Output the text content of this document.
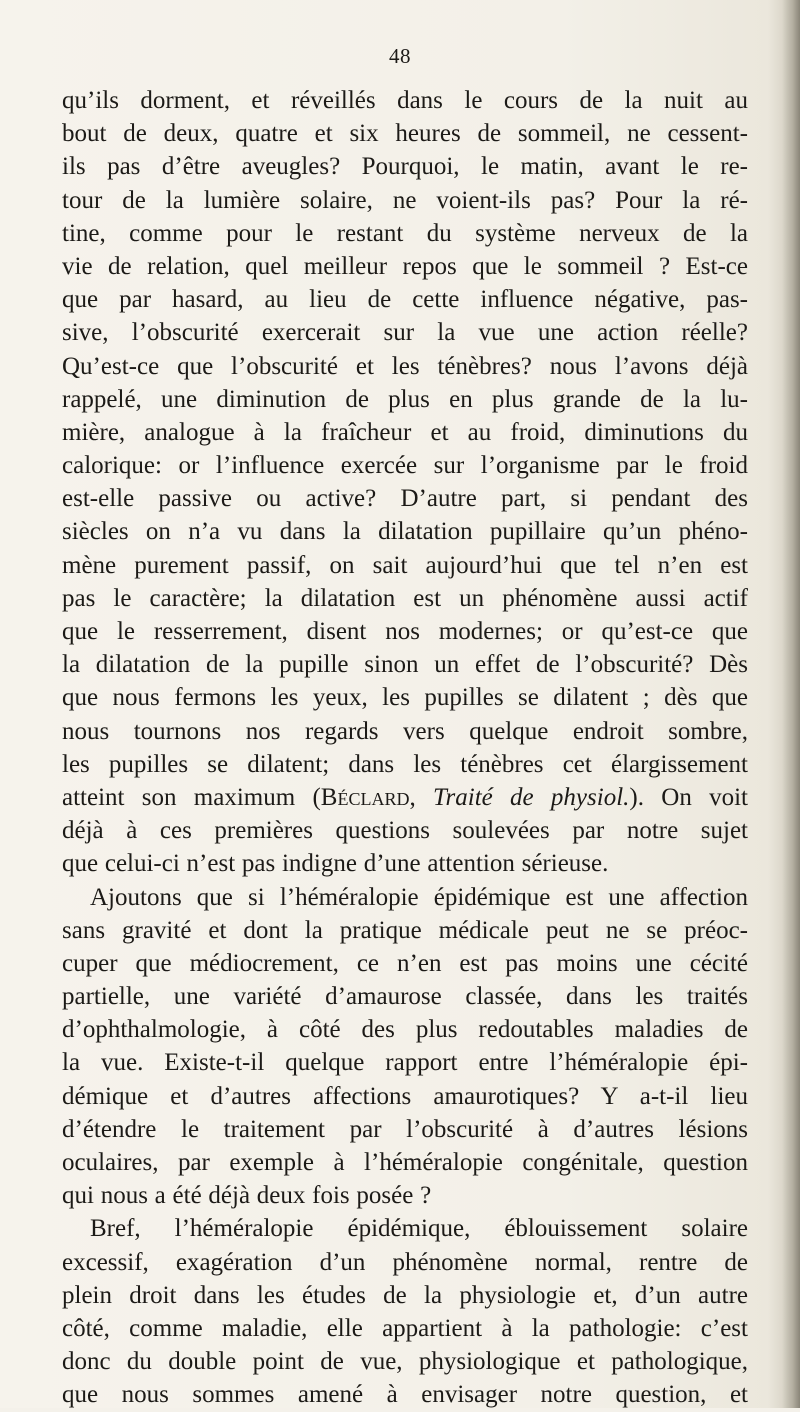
48
qu’ils dorment, et réveillés dans le cours de la nuit au
bout de deux, quatre et six heures de sommeil, ne cessent-
ils pas d’être aveugles? Pourquoi, le matin, avant le re-
tour de la lumière solaire, ne voient-ils pas? Pour la ré-
tine, comme pour le restant du système nerveux de la
vie de relation, quel meilleur repos que le sommeil ? Est-ce
que par hasard, au lieu de cette influence négative, pas-
sive, l’obscurité exercerait sur la vue une action réelle?
Qu’est-ce que l’obscurité et les ténèbres? nous l’avons déjà
rappelé, une diminution de plus en plus grande de la lu-
mière, analogue à la fraîcheur et au froid, diminutions du
calorique: or l’influence exercée sur l’organisme par le froid
est-elle passive ou active? D’autre part, si pendant des
siècles on n’a vu dans la dilatation pupillaire qu’un phéno-
mène purement passif, on sait aujourd’hui que tel n’en est
pas le caractère; la dilatation est un phénomène aussi actif
que le resserrement, disent nos modernes; or qu’est-ce que
la dilatation de la pupille sinon un effet de l’obscurité? Dès
que nous fermons les yeux, les pupilles se dilatent ; dès que
nous tournons nos regards vers quelque endroit sombre,
les pupilles se dilatent; dans les ténèbres cet élargissement
atteint son maximum (Béclard, Traité de physiol.). On voit
déjà à ces premières questions soulevées par notre sujet
que celui-ci n’est pas indigne d’une attention sérieuse.
Ajoutons que si l’héméralopie épidémique est une affection
sans gravité et dont la pratique médicale peut ne se préoc-
cuper que médiocrement, ce n’en est pas moins une cécité
partielle, une variété d’amaurose classée, dans les traités
d’ophthalmologie, à côté des plus redoutables maladies de
la vue. Existe-t-il quelque rapport entre l’héméralopie épi-
démique et d’autres affections amaurotiques? Y a-t-il lieu
d’étendre le traitement par l’obscurité à d’autres lésions
oculaires, par exemple à l’héméralopie congénitale, question
qui nous a été déjà deux fois posée ?
Bref, l’héméralopie épidémique, éblouissement solaire
excessif, exagération d’un phénomène normal, rentre de
plein droit dans les études de la physiologie et, d’un autre
côté, comme maladie, elle appartient à la pathologie: c’est
donc du double point de vue, physiologique et pathologique,
que nous sommes amené à envisager notre question, et
